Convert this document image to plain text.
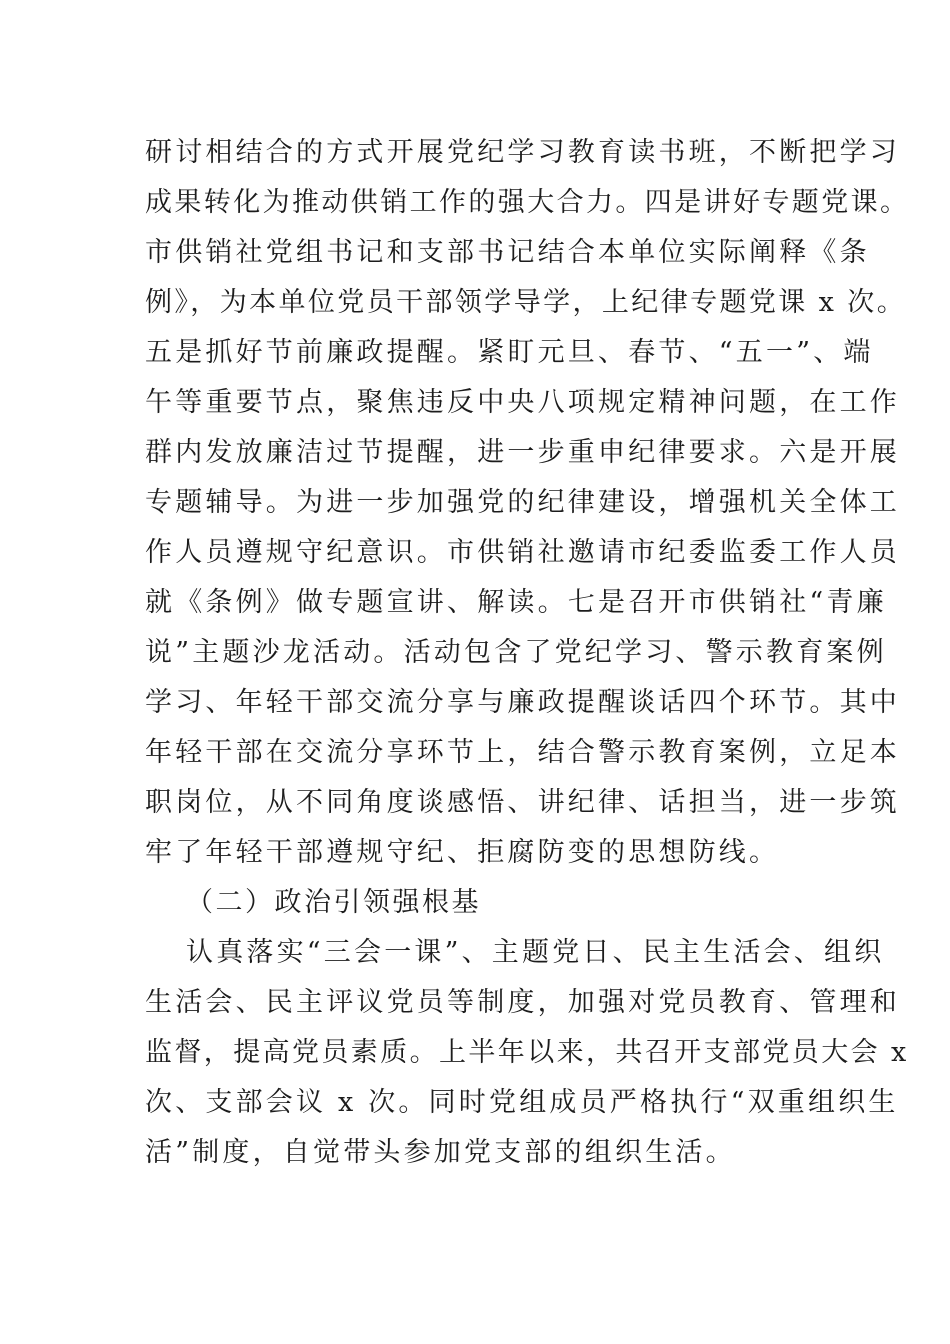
研讨相结合的方式开展党纪学习教育读书班，不断把学习
成果转化为推动供销工作的强大合力。四是讲好专题党课。
市供销社党组书记和支部书记结合本单位实际阐释《条
例》，为本单位党员干部领学导学，上纪律专题党课 x 次。
五是抓好节前廉政提醒。紧盯元旦、春节、“五一”、端
午等重要节点，聚焦违反中央八项规定精神问题，在工作
群内发放廉洁过节提醒，进一步重申纪律要求。六是开展
专题辅导。为进一步加强党的纪律建设，增强机关全体工
作人员遵规守纪意识。市供销社邀请市纪委监委工作人员
就《条例》做专题宣讲、解读。七是召开市供销社“青廉
说”主题沙龙活动。活动包含了党纪学习、警示教育案例
学习、年轻干部交流分享与廉政提醒谈话四个环节。其中
年轻干部在交流分享环节上，结合警示教育案例，立足本
职岗位，从不同角度谈感悟、讲纪律、话担当，进一步筑
牢了年轻干部遵规守纪、拒腐防变的思想防线。
（二）政治引领强根基
认真落实“三会一课”、主题党日、民主生活会、组织
生活会、民主评议党员等制度，加强对党员教育、管理和
监督，提高党员素质。上半年以来，共召开支部党员大会 x
次、支部会议 x 次。同时党组成员严格执行“双重组织生
活”制度，自觉带头参加党支部的组织生活。
